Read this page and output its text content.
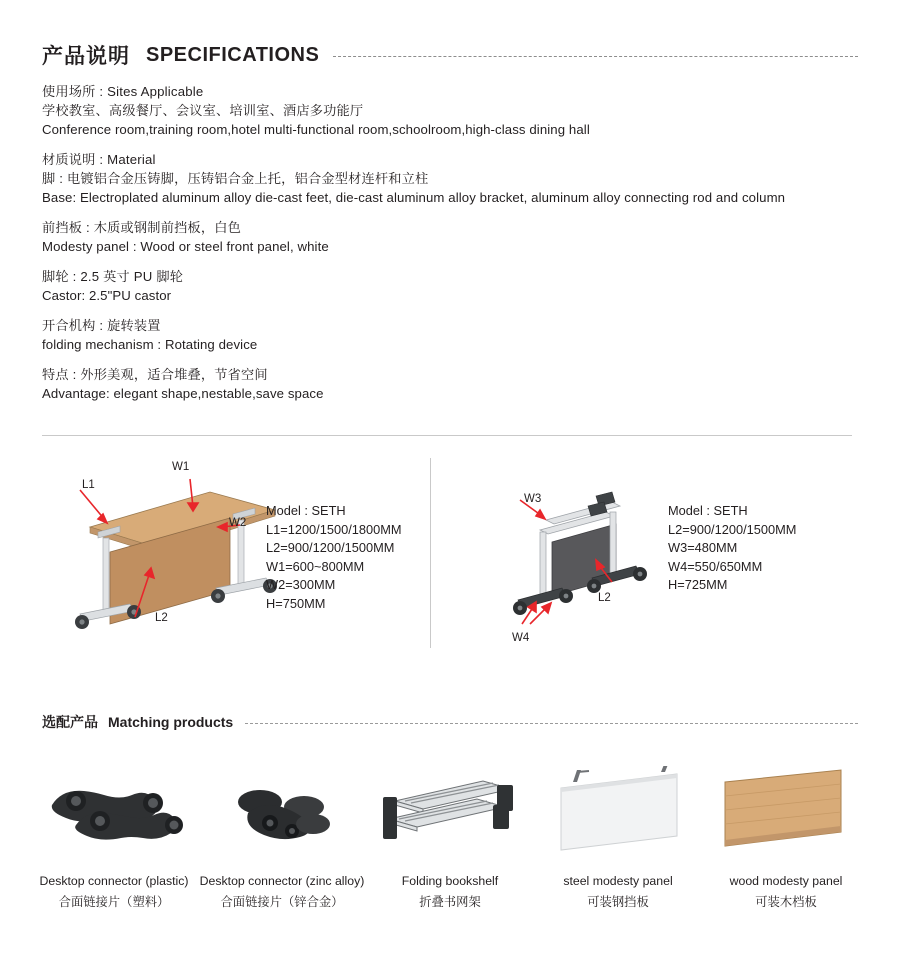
产品说明 SPECIFICATIONS
使用场所 : Sites Applicable
学校教室、高级餐厅、会议室、培训室、酒店多功能厅
Conference room,training room,hotel multi-functional room,schoolroom,high-class dining hall
材质说明 : Material
脚 : 电镀铝合金压铸脚，压铸铝合金上托，铝合金型材连杆和立柱
Base: Electroplated aluminum alloy die-cast feet, die-cast aluminum alloy bracket, aluminum alloy connecting rod and column
前挡板 : 木质或钢制前挡板，白色
Modesty panel : Wood or steel front panel, white
脚轮 : 2.5 英寸 PU 脚轮
Castor: 2.5"PU castor
开合机构 : 旋转装置
folding mechanism : Rotating device
特点 : 外形美观，适合堆叠，节省空间
Advantage: elegant shape,nestable,save space
L1
W1
W2
L2
Model : SETH
L1=1200/1500/1800MM
L2=900/1200/1500MM
W1=600~800MM
W2=300MM
H=750MM
W3
W4
L2
Model : SETH
L2=900/1200/1500MM
W3=480MM
W4=550/650MM
H=725MM
选配产品 Matching products
Desktop connector (plastic)
合面链接片（塑料）
Desktop connector (zinc alloy)
合面链接片（锌合金）
Folding bookshelf
折叠书网架
steel modesty panel
可装钢挡板
wood modesty panel
可装木档板
